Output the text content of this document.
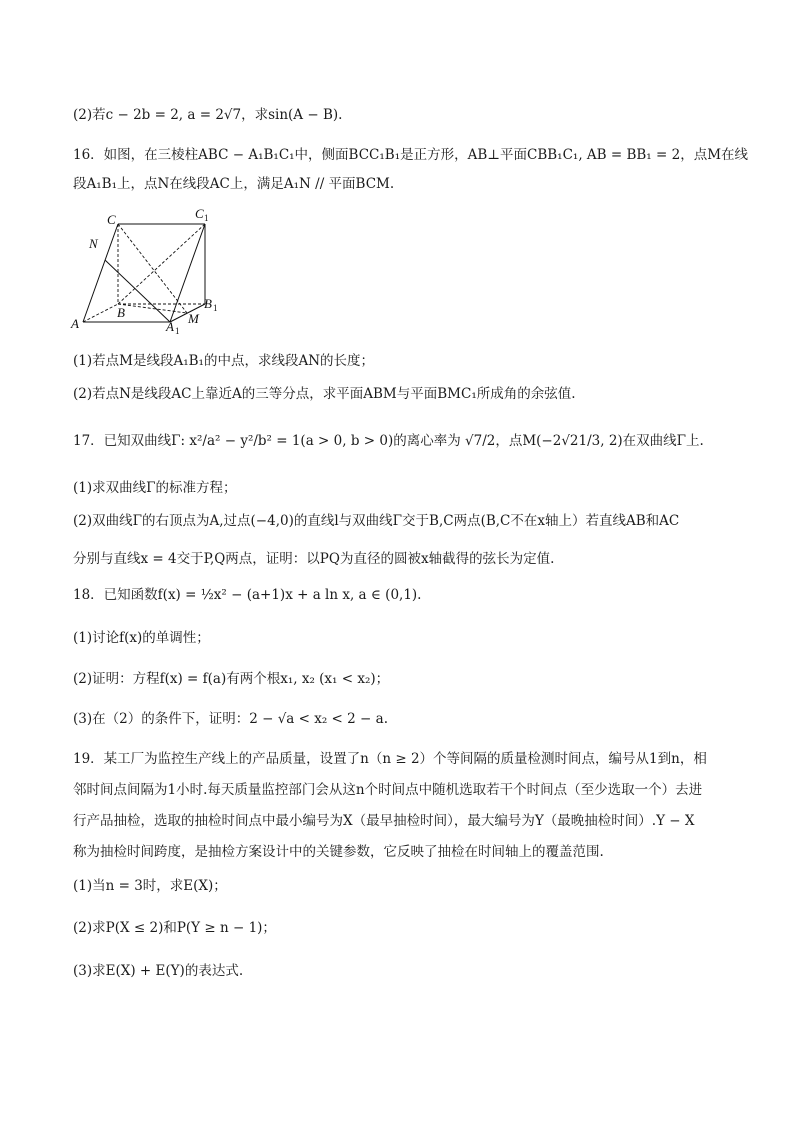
(2)若c − 2b = 2, a = 2√7，求sin(A − B).
16．如图，在三棱柱ABC − A₁B₁C₁中，侧面BCC₁B₁是正方形，AB⊥平面CBB₁C₁, AB = BB₁ = 2，点M在线
段A₁B₁上，点N在线段AC上，满足A₁N // 平面BCM.
C	C 1
N
B
B 1
A	A 1
M
(1)若点M是线段A₁B₁的中点，求线段AN的长度；
(2)若点N是线段AC上靠近A的三等分点，求平面ABM与平面BMC₁所成角的余弦值.
17．已知双曲线Γ: x²/a² − y²/b² = 1(a > 0, b > 0)的离心率为 √7/2，点M(−2√21/3, 2)在双曲线Γ上.
(1)求双曲线Γ的标准方程；
(2)双曲线Γ的右顶点为A,过点(−4,0)的直线l与双曲线Γ交于B,C两点(B,C不在x轴上）若直线AB和AC
分别与直线x = 4交于P,Q两点，证明：以PQ为直径的圆被x轴截得的弦长为定值.
18．已知函数f(x) = ½x² − (a+1)x + a ln x, a ∈ (0,1).
(1)讨论f(x)的单调性；
(2)证明：方程f(x) = f(a)有两个根x₁, x₂ (x₁ < x₂)；
(3)在（2）的条件下，证明：2 − √a < x₂ < 2 − a.
19．某工厂为监控生产线上的产品质量，设置了n（n ≥ 2）个等间隔的质量检测时间点，编号从1到n，相
邻时间点间隔为1小时.每天质量监控部门会从这n个时间点中随机选取若干个时间点（至少选取一个）去进
行产品抽检，选取的抽检时间点中最小编号为X（最早抽检时间），最大编号为Y（最晚抽检时间）.Y − X
称为抽检时间跨度，是抽检方案设计中的关键参数，它反映了抽检在时间轴上的覆盖范围.
(1)当n = 3时，求E(X)；
(2)求P(X ≤ 2)和P(Y ≥ n − 1)；
(3)求E(X) + E(Y)的表达式.
